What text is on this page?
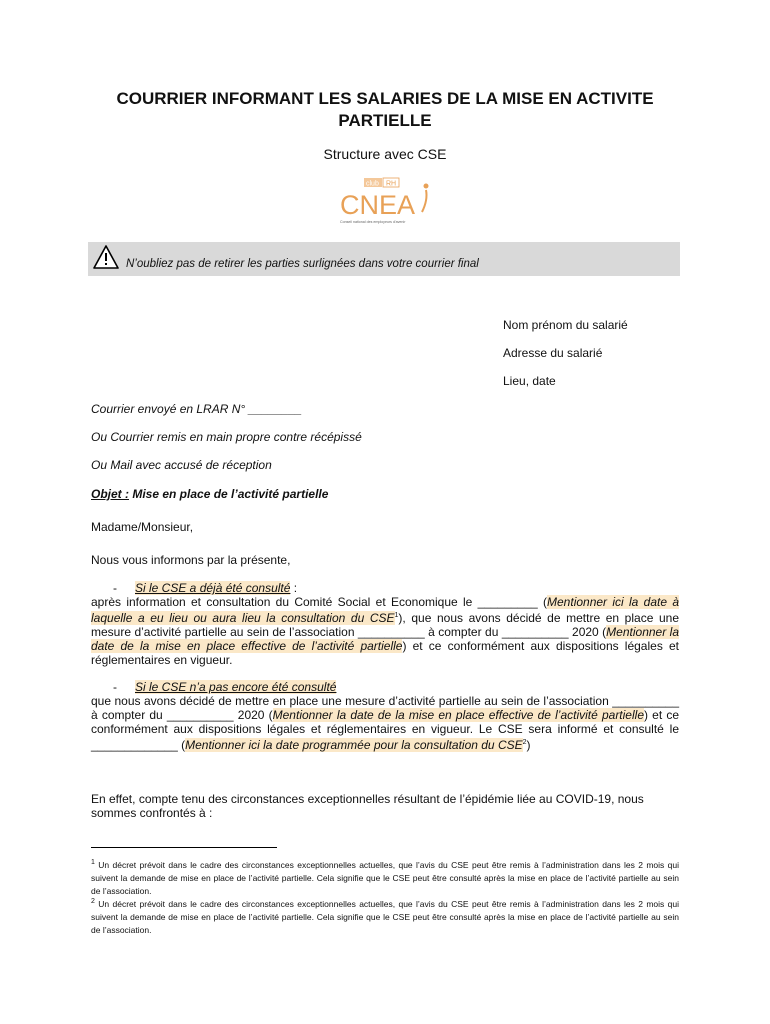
COURRIER INFORMANT LES SALARIES DE LA MISE EN ACTIVITE
PARTIELLE
Structure avec CSE
club RH
CNEA
Conseil national des employeurs d'avenir
N’oubliez pas de retirer les parties surlignées dans votre courrier final
Nom prénom du salarié
Adresse du salarié
Lieu, date
Courrier envoyé en LRAR N° ________
Ou Courrier remis en main propre contre récépissé
Ou Mail avec accusé de réception
Objet : Mise en place de l’activité partielle
Madame/Monsieur,
Nous vous informons par la présente,
- Si le CSE a déjà été consulté :
après information et consultation du Comité Social et Economique le _________ (Mentionner ici la date à laquelle a eu lieu ou aura lieu la consultation du CSE$^1$), que nous avons décidé de mettre en place une mesure d’activité partielle au sein de l’association __________ à compter du __________ 2020 (Mentionner la date de la mise en place effective de l’activité partielle) et ce conformément aux dispositions légales et réglementaires en vigueur.
- Si le CSE n’a pas encore été consulté
que nous avons décidé de mettre en place une mesure d’activité partielle au sein de l’association __________ à compter du __________ 2020 (Mentionner la date de la mise en place effective de l’activité partielle) et ce conformément aux dispositions légales et réglementaires en vigueur. Le CSE sera informé et consulté le _____________ (Mentionner ici la date programmée pour la consultation du CSE$^2$)
En effet, compte tenu des circonstances exceptionnelles résultant de l’épidémie liée au COVID-19, nous sommes confrontés à :
$^1$ Un décret prévoit dans le cadre des circonstances exceptionnelles actuelles, que l’avis du CSE peut être remis à l’administration dans les 2 mois qui suivent la demande de mise en place de l’activité partielle. Cela signifie que le CSE peut être consulté après la mise en place de l’activité partielle au sein de l’association.
$^2$ Un décret prévoit dans le cadre des circonstances exceptionnelles actuelles, que l’avis du CSE peut être remis à l’administration dans les 2 mois qui suivent la demande de mise en place de l’activité partielle. Cela signifie que le CSE peut être consulté après la mise en place de l’activité partielle au sein de l’association.
